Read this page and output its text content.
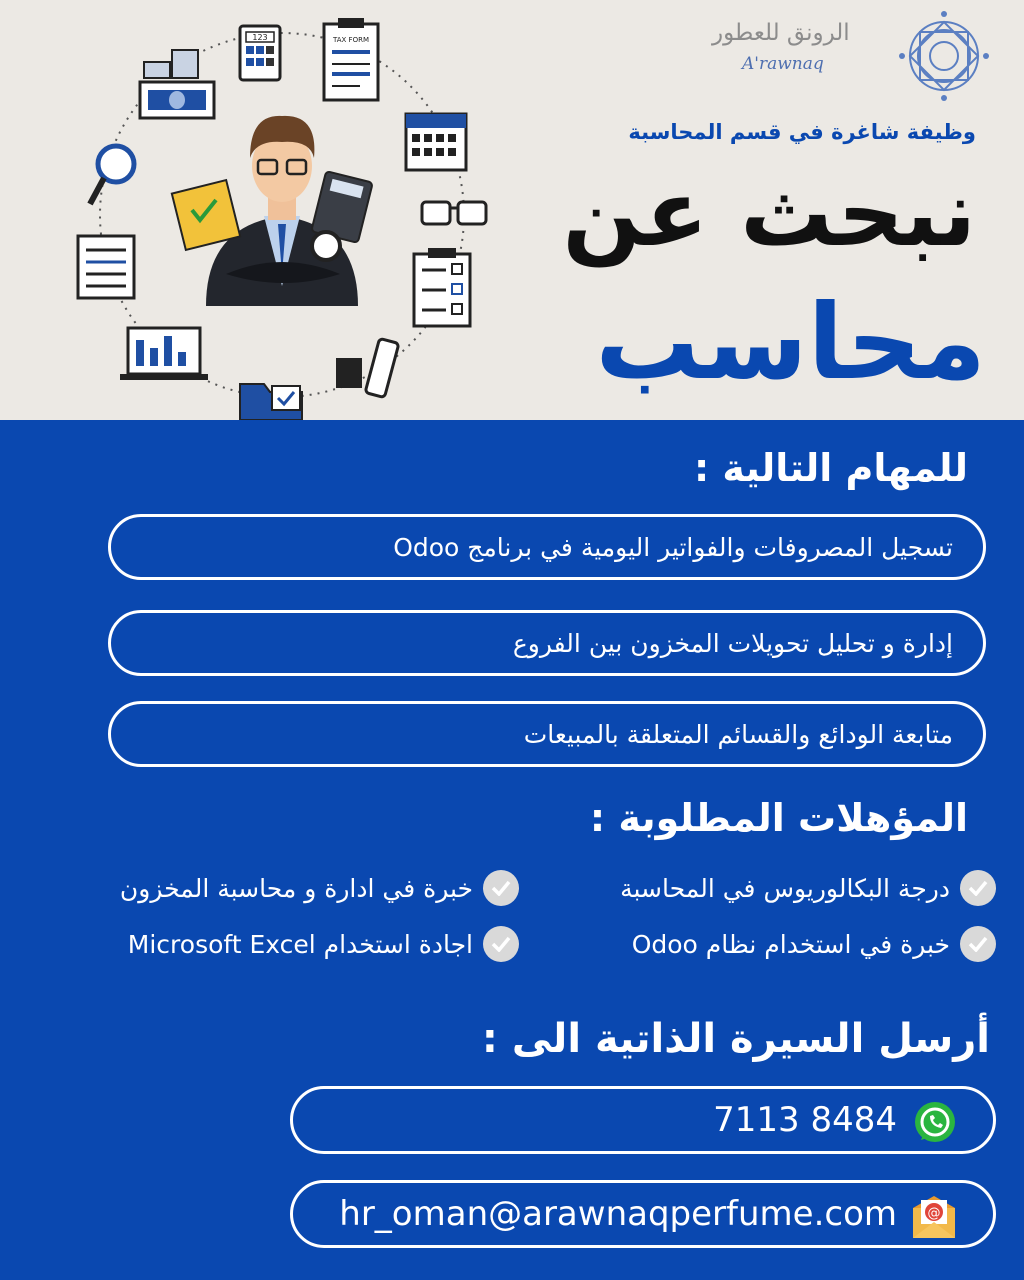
123	TAX FORM	الرونق للعطور
A'rawnaq
وظيفة شاغرة في قسم المحاسبة
نبحث عن
محاسب
للمهام التالية :
تسجيل المصروفات والفواتير اليومية في برنامج Odoo
إدارة و تحليل تحويلات المخزون بين الفروع
متابعة الودائع والقسائم المتعلقة بالمبيعات
المؤهلات المطلوبة :
درجة البكالوريوس في المحاسبة
خبرة في ادارة و محاسبة المخزون
خبرة في استخدام نظام Odoo
اجادة استخدام Microsoft Excel
أرسل السيرة الذاتية الى :
7113 8484
@
hr_oman@arawnaqperfume.com
